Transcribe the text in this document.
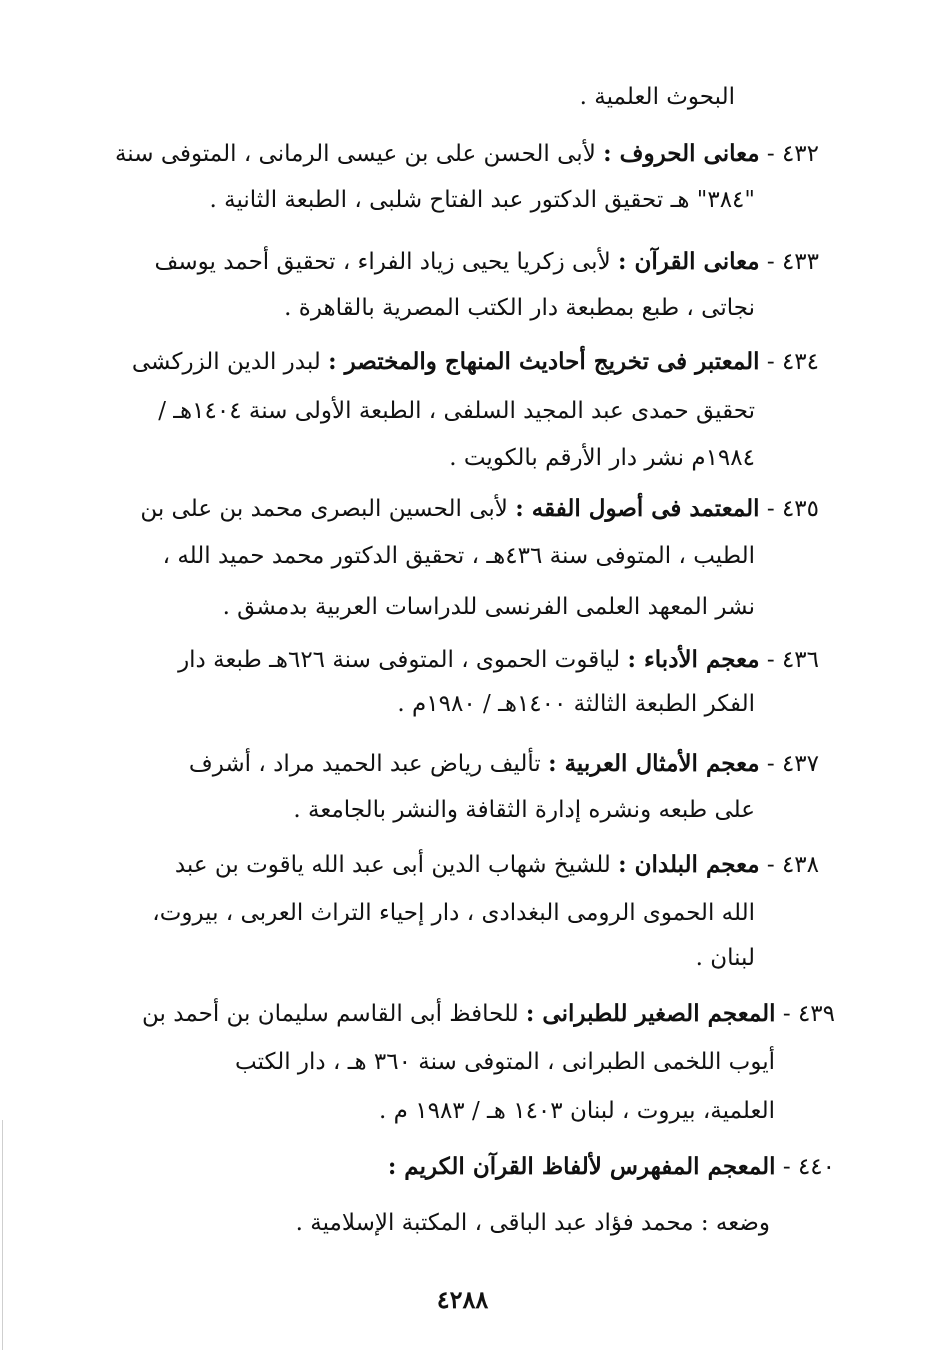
البحوث العلمية .
٤٣٢ - معانى الحروف : لأبى الحسن على بن عيسى الرمانى ، المتوفى سنة
"٣٨٤" هـ تحقيق الدكتور عبد الفتاح شلبى ، الطبعة الثانية .
٤٣٣ - معانى القرآن : لأبى زكريا يحيى زياد الفراء ، تحقيق أحمد يوسف
نجاتى ، طبع بمطبعة دار الكتب المصرية بالقاهرة .
٤٣٤ - المعتبر فى تخريج أحاديث المنهاج والمختصر : لبدر الدين الزركشى
تحقيق حمدى عبد المجيد السلفى ، الطبعة الأولى سنة ١٤٠٤هـ /
١٩٨٤م نشر دار الأرقم بالكويت .
٤٣٥ - المعتمد فى أصول الفقه : لأبى الحسين البصرى محمد بن على بن
الطيب ، المتوفى سنة ٤٣٦هـ ، تحقيق الدكتور محمد حميد الله ،
نشر المعهد العلمى الفرنسى للدراسات العربية بدمشق .
٤٣٦ - معجم الأدباء : لياقوت الحموى ، المتوفى سنة ٦٢٦هـ طبعة دار
الفكر الطبعة الثالثة ١٤٠٠هـ / ١٩٨٠م .
٤٣٧ - معجم الأمثال العربية : تأليف رياض عبد الحميد مراد ، أشرف
على طبعه ونشره إدارة الثقافة والنشر بالجامعة .
٤٣٨ - معجم البلدان : للشيخ شهاب الدين أبى عبد الله ياقوت بن عبد
الله الحموى الرومى البغدادى ، دار إحياء التراث العربى ، بيروت،
لبنان .
٤٣٩ - المعجم الصغير للطبرانى : للحافظ أبى القاسم سليمان بن أحمد بن
أيوب اللخمى الطبرانى ، المتوفى سنة ٣٦٠ هـ ، دار الكتب
العلمية، بيروت ، لبنان ١٤٠٣ هـ / ١٩٨٣ م .
٤٤٠ - المعجم المفهرس لألفاظ القرآن الكريم :
وضعه : محمد فؤاد عبد الباقى ، المكتبة الإسلامية .
٤٢٨٨
